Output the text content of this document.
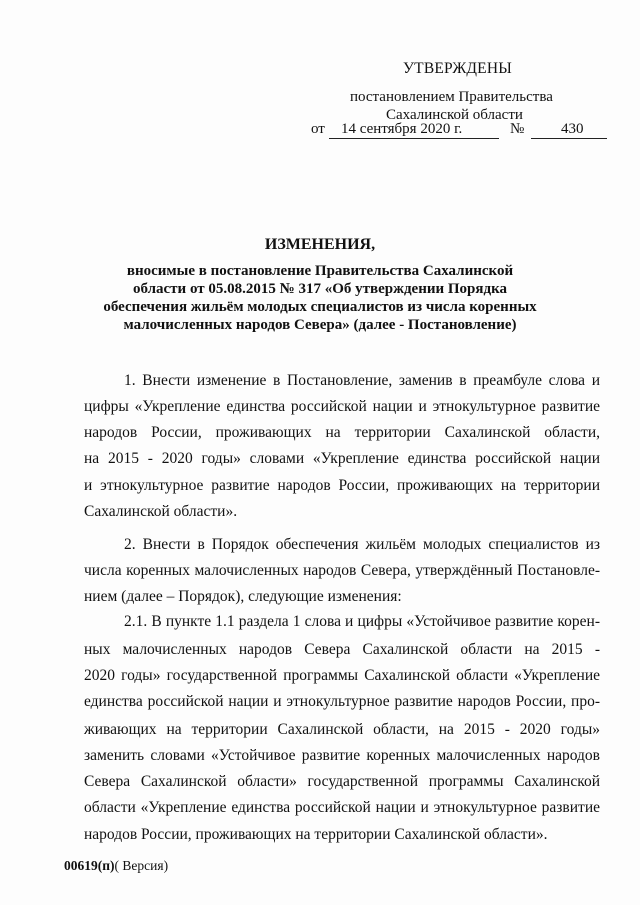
УТВЕРЖДЕНЫ
постановлением Правительства
Сахалинской области
от 14 сентября 2020 г.	№ 430
ИЗМЕНЕНИЯ,
вносимые в постановление Правительства Сахалинской
области от 05.08.2015 № 317 «Об утверждении Порядка
обеспечения жильём молодых специалистов из числа коренных
малочисленных народов Севера» (далее - Постановление)
1. Внести изменение в Постановление, заменив в преамбуле слова и
цифры «Укрепление единства российской нации и этнокультурное развитие
народов России, проживающих на территории Сахалинской области,
на 2015 - 2020 годы» словами «Укрепление единства российской нации
и этнокультурное развитие народов России, проживающих на территории
Сахалинской области».
2. Внести в Порядок обеспечения жильём молодых специалистов из
числа коренных малочисленных народов Севера, утверждённый Постановле-
нием (далее – Порядок), следующие изменения:
2.1. В пункте 1.1 раздела 1 слова и цифры «Устойчивое развитие корен-
ных малочисленных народов Севера Сахалинской области на 2015 -
2020 годы» государственной программы Сахалинской области «Укрепление
единства российской нации и этнокультурное развитие народов России, про-
живающих на территории Сахалинской области, на 2015 - 2020 годы»
заменить словами «Устойчивое развитие коренных малочисленных народов
Севера Сахалинской области» государственной программы Сахалинской
области «Укрепление единства российской нации и этнокультурное развитие
народов России, проживающих на территории Сахалинской области».
00619(п)( Версия)
